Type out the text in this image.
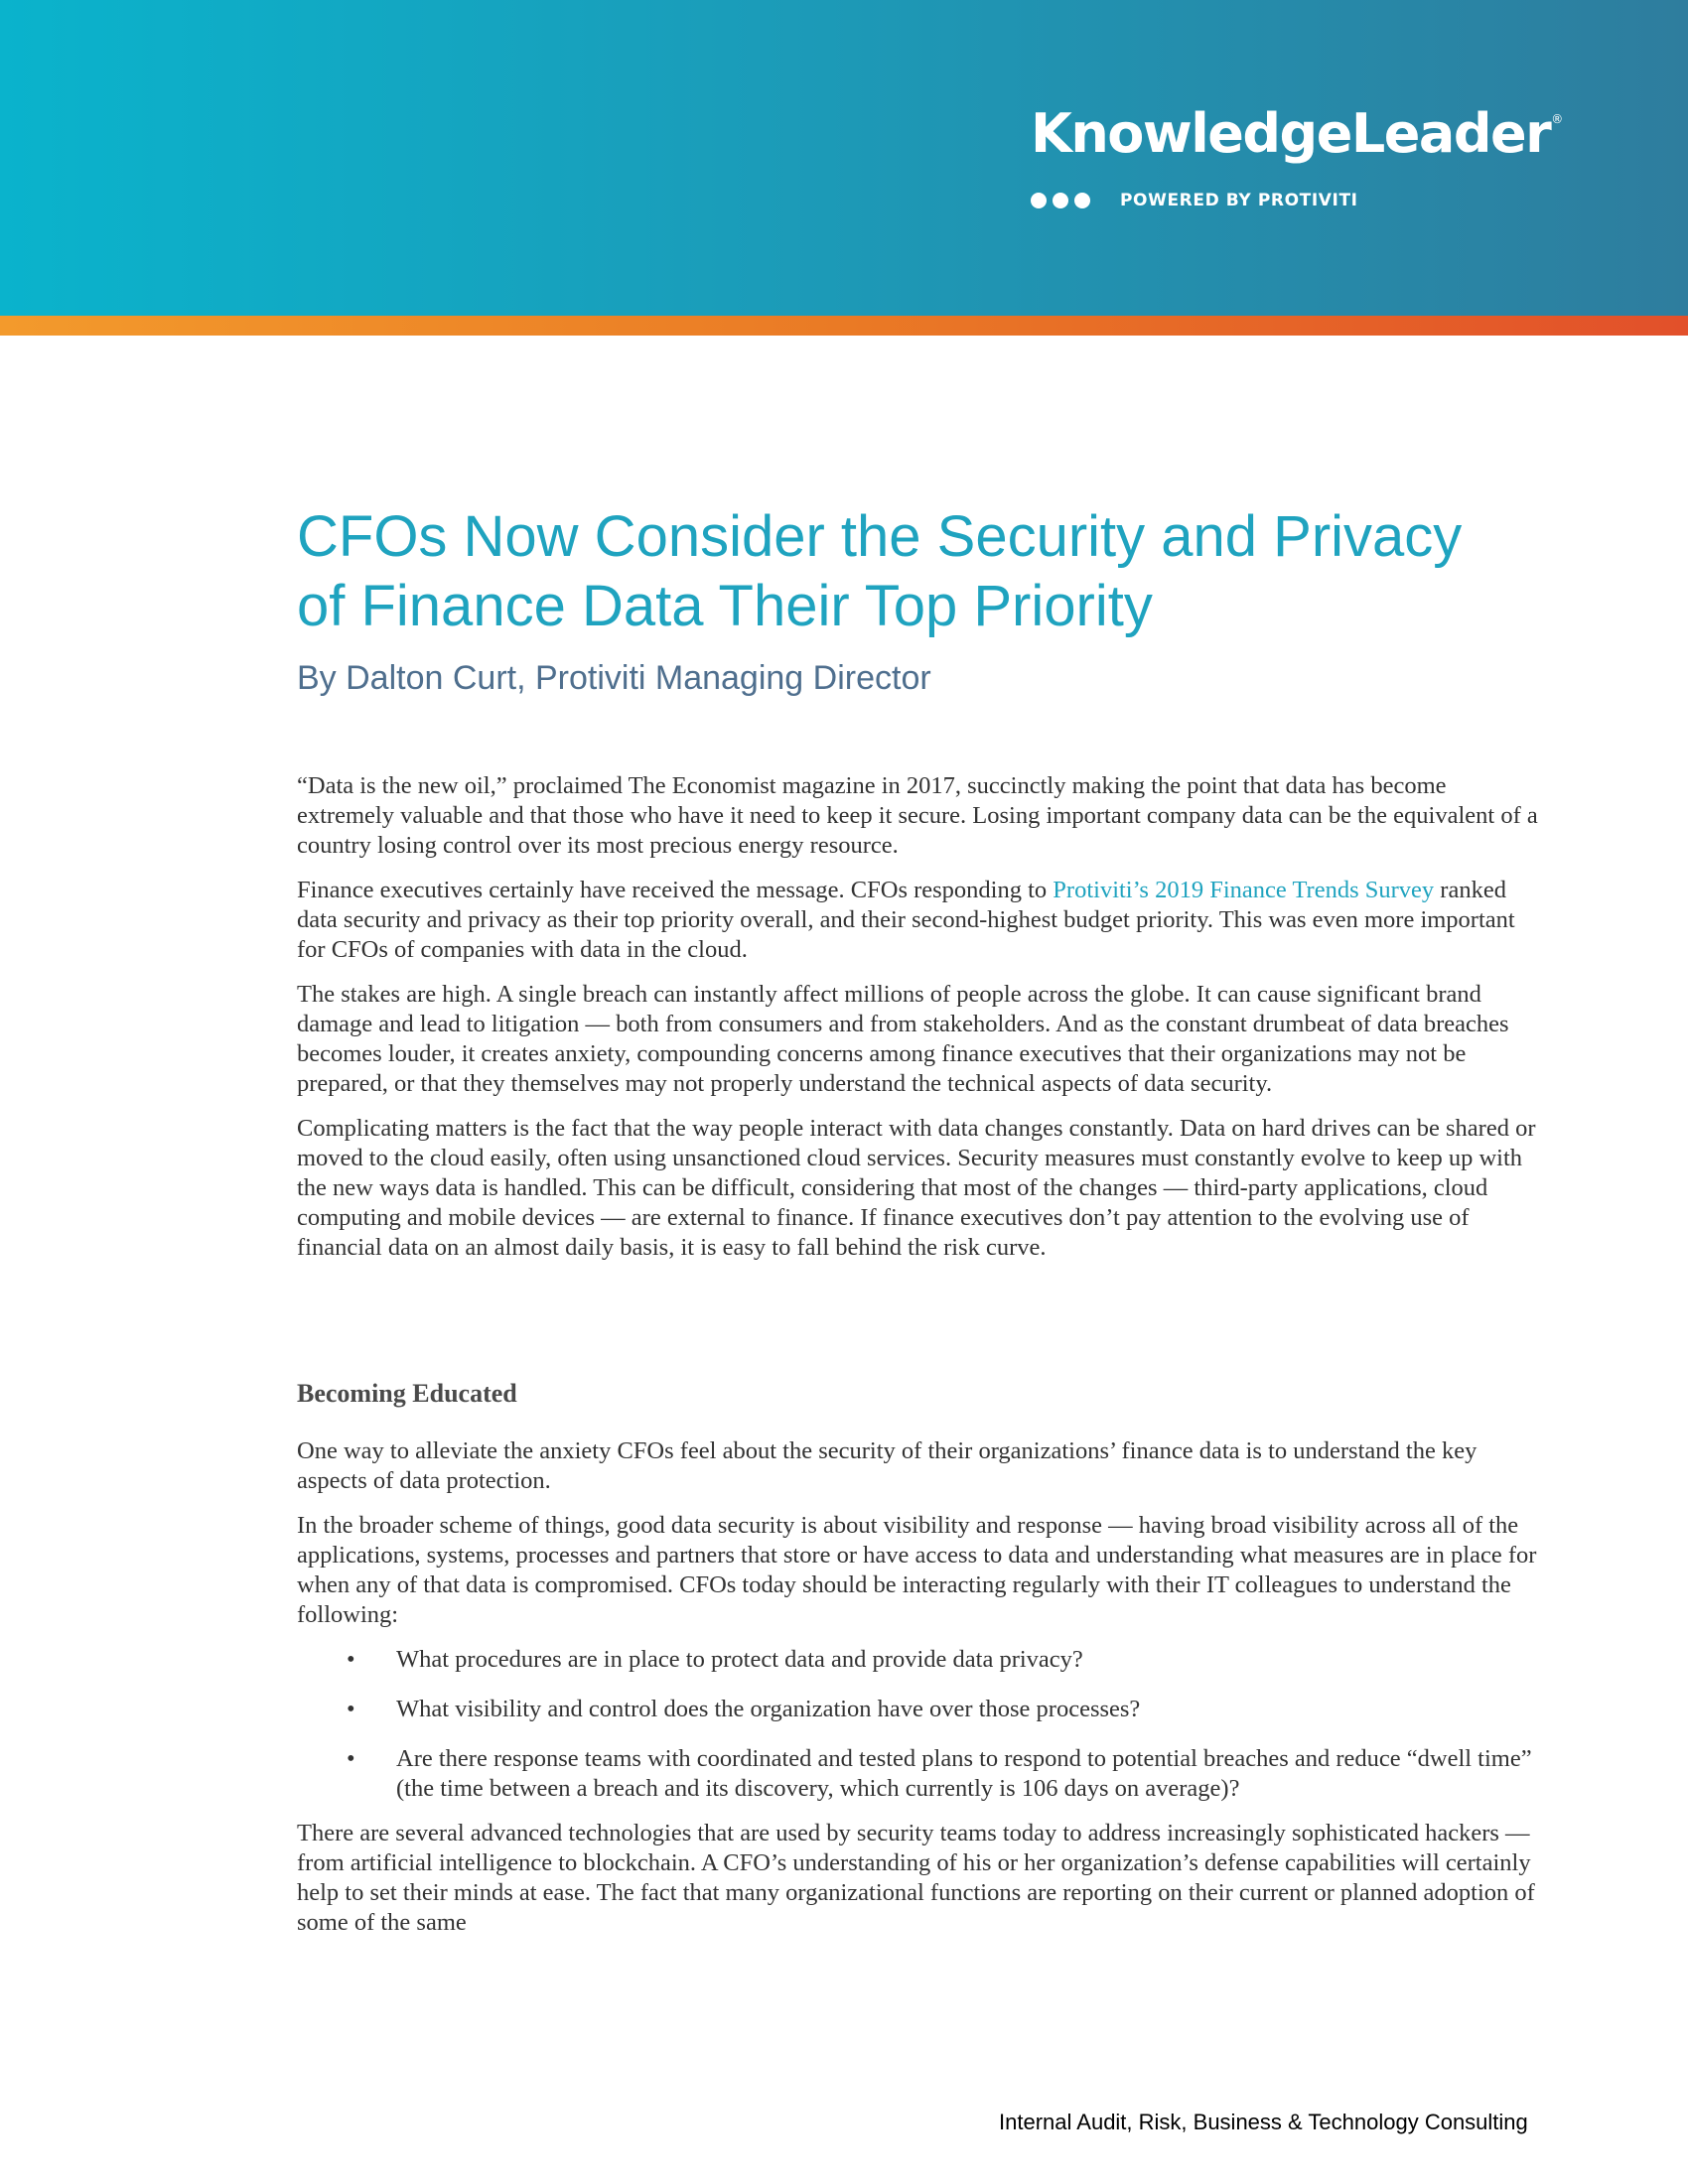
KnowledgeLeader®
POWERED BY PROTIVITI
CFOs Now Consider the Security and Privacy
of Finance Data Their Top Priority

By Dalton Curt, Protiviti Managing Director

“Data is the new oil,” proclaimed The Economist magazine in 2017, succinctly making the point that data has become extremely valuable and that those who have it need to keep it secure. Losing important company data can be the equivalent of a country losing control over its most precious energy resource.

Finance executives certainly have received the message. CFOs responding to Protiviti’s 2019 Finance Trends Survey ranked data security and privacy as their top priority overall, and their second-highest budget priority. This was even more important for CFOs of companies with data in the cloud.

The stakes are high. A single breach can instantly affect millions of people across the globe. It can cause significant brand damage and lead to litigation — both from consumers and from stakeholders. And as the constant drumbeat of data breaches becomes louder, it creates anxiety, compounding concerns among finance executives that their organizations may not be prepared, or that they themselves may not properly understand the technical aspects of data security.

Complicating matters is the fact that the way people interact with data changes constantly. Data on hard drives can be shared or moved to the cloud easily, often using unsanctioned cloud services. Security measures must constantly evolve to keep up with the new ways data is handled. This can be difficult, considering that most of the changes — third-party applications, cloud computing and mobile devices — are external to finance. If finance executives don’t pay attention to the evolving use of financial data on an almost daily basis, it is easy to fall behind the risk curve.

Becoming Educated

One way to alleviate the anxiety CFOs feel about the security of their organizations’ finance data is to understand the key aspects of data protection.

In the broader scheme of things, good data security is about visibility and response — having broad visibility across all of the applications, systems, processes and partners that store or have access to data and understanding what measures are in place for when any of that data is compromised. CFOs today should be interacting regularly with their IT colleagues to understand the following:

• What procedures are in place to protect data and provide data privacy?
• What visibility and control does the organization have over those processes?
• Are there response teams with coordinated and tested plans to respond to potential breaches and reduce “dwell time” (the time between a breach and its discovery, which currently is 106 days on average)?

There are several advanced technologies that are used by security teams today to address increasingly sophisticated hackers — from artificial intelligence to blockchain. A CFO’s understanding of his or her organization’s defense capabilities will certainly help to set their minds at ease. The fact that many organizational functions are reporting on their current or planned adoption of some of the same

Internal Audit, Risk, Business & Technology Consulting
